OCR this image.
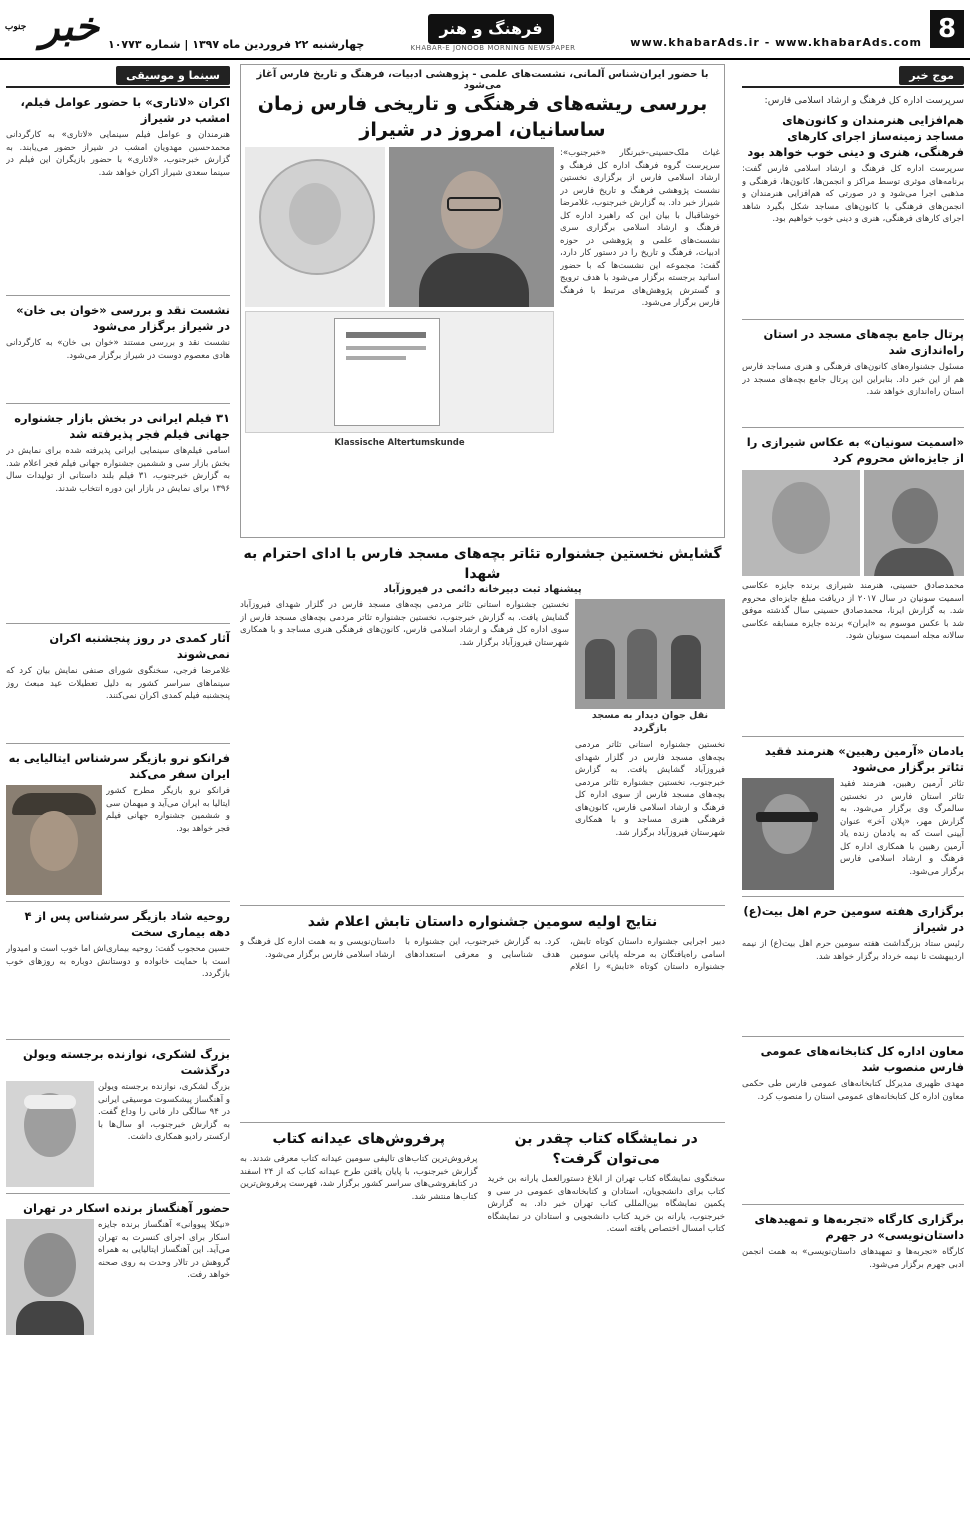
8
www.khabarAds.ir - www.khabarAds.com
فرهنگ و هنر
KHABAR-E JONOOB MORNING NEWSPAPER
چهارشنبه ۲۲ فروردین ماه ۱۳۹۷ | شماره ۱۰۷۷۳
خبر $^{جنوب}$
موج خبر
سرپرست اداره کل فرهنگ و ارشاد اسلامی فارس:
هم‌افزایی هنرمندان و کانون‌های مساجد زمینه‌ساز اجرای کارهای فرهنگی، هنری و دینی خوب خواهد بود
سرپرست اداره کل فرهنگ و ارشاد اسلامی فارس گفت: برنامه‌های موثری توسط مراکز و انجمن‌ها، کانون‌ها، فرهنگی و مذهبی اجرا می‌شود و در صورتی که هم‌افزایی هنرمندان و انجمن‌های فرهنگی با کانون‌های مساجد شکل بگیرد شاهد اجرای کارهای فرهنگی، هنری و دینی خوب خواهیم بود.
پرتال جامع بچه‌های مسجد در استان راه‌اندازی شد
مسئول جشنواره‌های کانون‌های فرهنگی و هنری مساجد فارس هم از این خبر داد. بنابراین این پرتال جامع بچه‌های مسجد در استان راه‌اندازی خواهد شد.
«اسمیت سونیان» به عکاس شیرازی را از جایزه‌اش محروم کرد
محمدصادق حسینی، هنرمند شیرازی برنده جایزه عکاسی اسمیت سونیان در سال ۲۰۱۷ از دریافت مبلغ جایزه‌ای محروم شد. به گزارش ایرنا، محمدصادق حسینی سال گذشته موفق شد با عکس موسوم به «ایران» برنده جایزه مسابقه عکاسی سالانه مجله اسمیت سونیان شود.
یادمان «آرمین رهبین» هنرمند فقید تئاتر برگزار می‌شود
تئاتر آرمین رهبین، هنرمند فقید تئاتر استان فارس در نخستین سالمرگ وی برگزار می‌شود. به گزارش مهر، «پلان آخر» عنوان آیینی است که به یادمان زنده یاد آرمین رهبین با همکاری اداره کل فرهنگ و ارشاد اسلامی فارس برگزار می‌شود.
برگزاری هفته سومین حرم اهل بیت(ع) در شیراز
رئیس ستاد بزرگداشت هفته سومین حرم اهل بیت(ع) از نیمه اردیبهشت تا نیمه خرداد برگزار خواهد شد.
معاون اداره کل کتابخانه‌های عمومی فارس منصوب شد
مهدی ظهیری مدیرکل کتابخانه‌های عمومی فارس طی حکمی معاون اداره کل کتابخانه‌های عمومی استان را منصوب کرد.
برگزاری کارگاه «تجربه‌ها و تمهیدهای داستان‌نویسی» در جهرم
کارگاه «تجربه‌ها و تمهیدهای داستان‌نویسی» به همت انجمن ادبی جهرم برگزار می‌شود.
با حضور ایران‌شناس آلمانی، نشست‌های علمی - پژوهشی ادبیات، فرهنگ و تاریخ فارس آغاز می‌شود
بررسی ریشه‌های فرهنگی و تاریخی فارس زمان ساسانیان، امروز در شیراز
غیاث ملک‌حسینی-خبرنگار «خبرجنوب»: سرپرست گروه فرهنگ اداره کل فرهنگ و ارشاد اسلامی فارس از برگزاری نخستین نشست پژوهشی فرهنگ و تاریخ فارس در شیراز خبر داد. به گزارش خبرجنوب، غلامرضا خوشاقبال با بیان این که راهبرد اداره کل فرهنگ و ارشاد اسلامی برگزاری سری نشست‌های علمی و پژوهشی در حوزه ادبیات، فرهنگ و تاریخ را در دستور کار دارد، گفت: مجموعه این نشست‌ها که با حضور اساتید برجسته برگزار می‌شود با هدف ترویج و گسترش پژوهش‌های مرتبط با فرهنگ فارس برگزار می‌شود.
Klassische Altertumskunde
گشایش نخستین جشنواره تئاتر بچه‌های مسجد فارس با ادای احترام به شهدا
پیشنهاد ثبت دبیرخانه دائمی در فیروزآباد
نقل جوان دیدار به مسجد بازگردد
نخستین جشنواره استانی تئاتر مردمی بچه‌های مسجد فارس در گلزار شهدای فیروزآباد گشایش یافت. به گزارش خبرجنوب، نخستین جشنواره تئاتر مردمی بچه‌های مسجد فارس از سوی اداره کل فرهنگ و ارشاد اسلامی فارس، کانون‌های فرهنگی هنری مساجد و با همکاری شهرستان فیروزآباد برگزار شد.
نخستین جشنواره استانی تئاتر مردمی بچه‌های مسجد فارس در گلزار شهدای فیروزآباد گشایش یافت. به گزارش خبرجنوب، نخستین جشنواره تئاتر مردمی بچه‌های مسجد فارس از سوی اداره کل فرهنگ و ارشاد اسلامی فارس، کانون‌های فرهنگی هنری مساجد و با همکاری شهرستان فیروزآباد برگزار شد.
نتایج اولیه سومین جشنواره داستان تابش اعلام شد
دبیر اجرایی جشنواره داستان کوتاه تابش، اسامی راه‌یافتگان به مرحله پایانی سومین جشنواره داستان کوتاه «تابش» را اعلام کرد. به گزارش خبرجنوب، این جشنواره با هدف شناسایی و معرفی استعدادهای داستان‌نویسی و به همت اداره کل فرهنگ و ارشاد اسلامی فارس برگزار می‌شود.
در نمایشگاه کتاب چقدر بن می‌توان گرفت؟
سخنگوی نمایشگاه کتاب تهران از ابلاغ دستورالعمل یارانه بن خرید کتاب برای دانشجویان، استادان و کتابخانه‌های عمومی در سی و یکمین نمایشگاه بین‌المللی کتاب تهران خبر داد. به گزارش خبرجنوب، یارانه بن خرید کتاب دانشجویی و استادان در نمایشگاه کتاب امسال اختصاص یافته است.
پرفروش‌های عیدانه کتاب
پرفروش‌ترین کتاب‌های تالیفی سومین عیدانه کتاب معرفی شدند. به گزارش خبرجنوب، با پایان یافتن طرح عیدانه کتاب که از ۲۴ اسفند در کتابفروشی‌های سراسر کشور برگزار شد، فهرست پرفروش‌ترین کتاب‌ها منتشر شد.
سینما و موسیقی
اکران «لاتاری» با حضور عوامل فیلم، امشب در شیراز
هنرمندان و عوامل فیلم سینمایی «لاتاری» به کارگردانی محمدحسین مهدویان امشب در شیراز حضور می‌یابند. به گزارش خبرجنوب، «لاتاری» با حضور بازیگران این فیلم در سینما سعدی شیراز اکران خواهد شد.
نشست نقد و بررسی «خوان بی خان» در شیراز برگزار می‌شود
نشست نقد و بررسی مستند «خوان بی خان» به کارگردانی هادی معصوم دوست در شیراز برگزار می‌شود.
۳۱ فیلم ایرانی در بخش بازار جشنواره جهانی فیلم فجر پذیرفته شد
اسامی فیلم‌های سینمایی ایرانی پذیرفته شده برای نمایش در بخش بازار سی و ششمین جشنواره جهانی فیلم فجر اعلام شد. به گزارش خبرجنوب، ۳۱ فیلم بلند داستانی از تولیدات سال ۱۳۹۶ برای نمایش در بازار این دوره انتخاب شدند.
آثار کمدی در روز پنجشنبه اکران نمی‌شوند
غلامرضا فرجی، سخنگوی شورای صنفی نمایش بیان کرد که سینماهای سراسر کشور به دلیل تعطیلات عید مبعث روز پنجشنبه فیلم کمدی اکران نمی‌کنند.
فرانکو نرو بازیگر سرشناس ایتالیایی به ایران سفر می‌کند
فرانکو نرو بازیگر مطرح کشور ایتالیا به ایران می‌آید و میهمان سی و ششمین جشنواره جهانی فیلم فجر خواهد بود.
روحیه شاد بازیگر سرشناس پس از ۴ دهه بیماری سخت
حسین محجوب گفت: روحیه بیماری‌اش اما خوب است و امیدوار است با حمایت خانواده و دوستانش دوباره به روزهای خوب بازگردد.
بزرگ لشکری، نوازنده برجسته ویولن درگذشت
بزرگ لشکری، نوازنده برجسته ویولن و آهنگساز پیشکسوت موسیقی ایرانی در ۹۴ سالگی دار فانی را وداع گفت. به گزارش خبرجنوب، او سال‌ها با ارکستر رادیو همکاری داشت.
حضور آهنگساز برنده اسکار در تهران
«نیکلا پیووانی» آهنگساز برنده جایزه اسکار برای اجرای کنسرت به تهران می‌آید. این آهنگساز ایتالیایی به همراه گروهش در تالار وحدت به روی صحنه خواهد رفت.
